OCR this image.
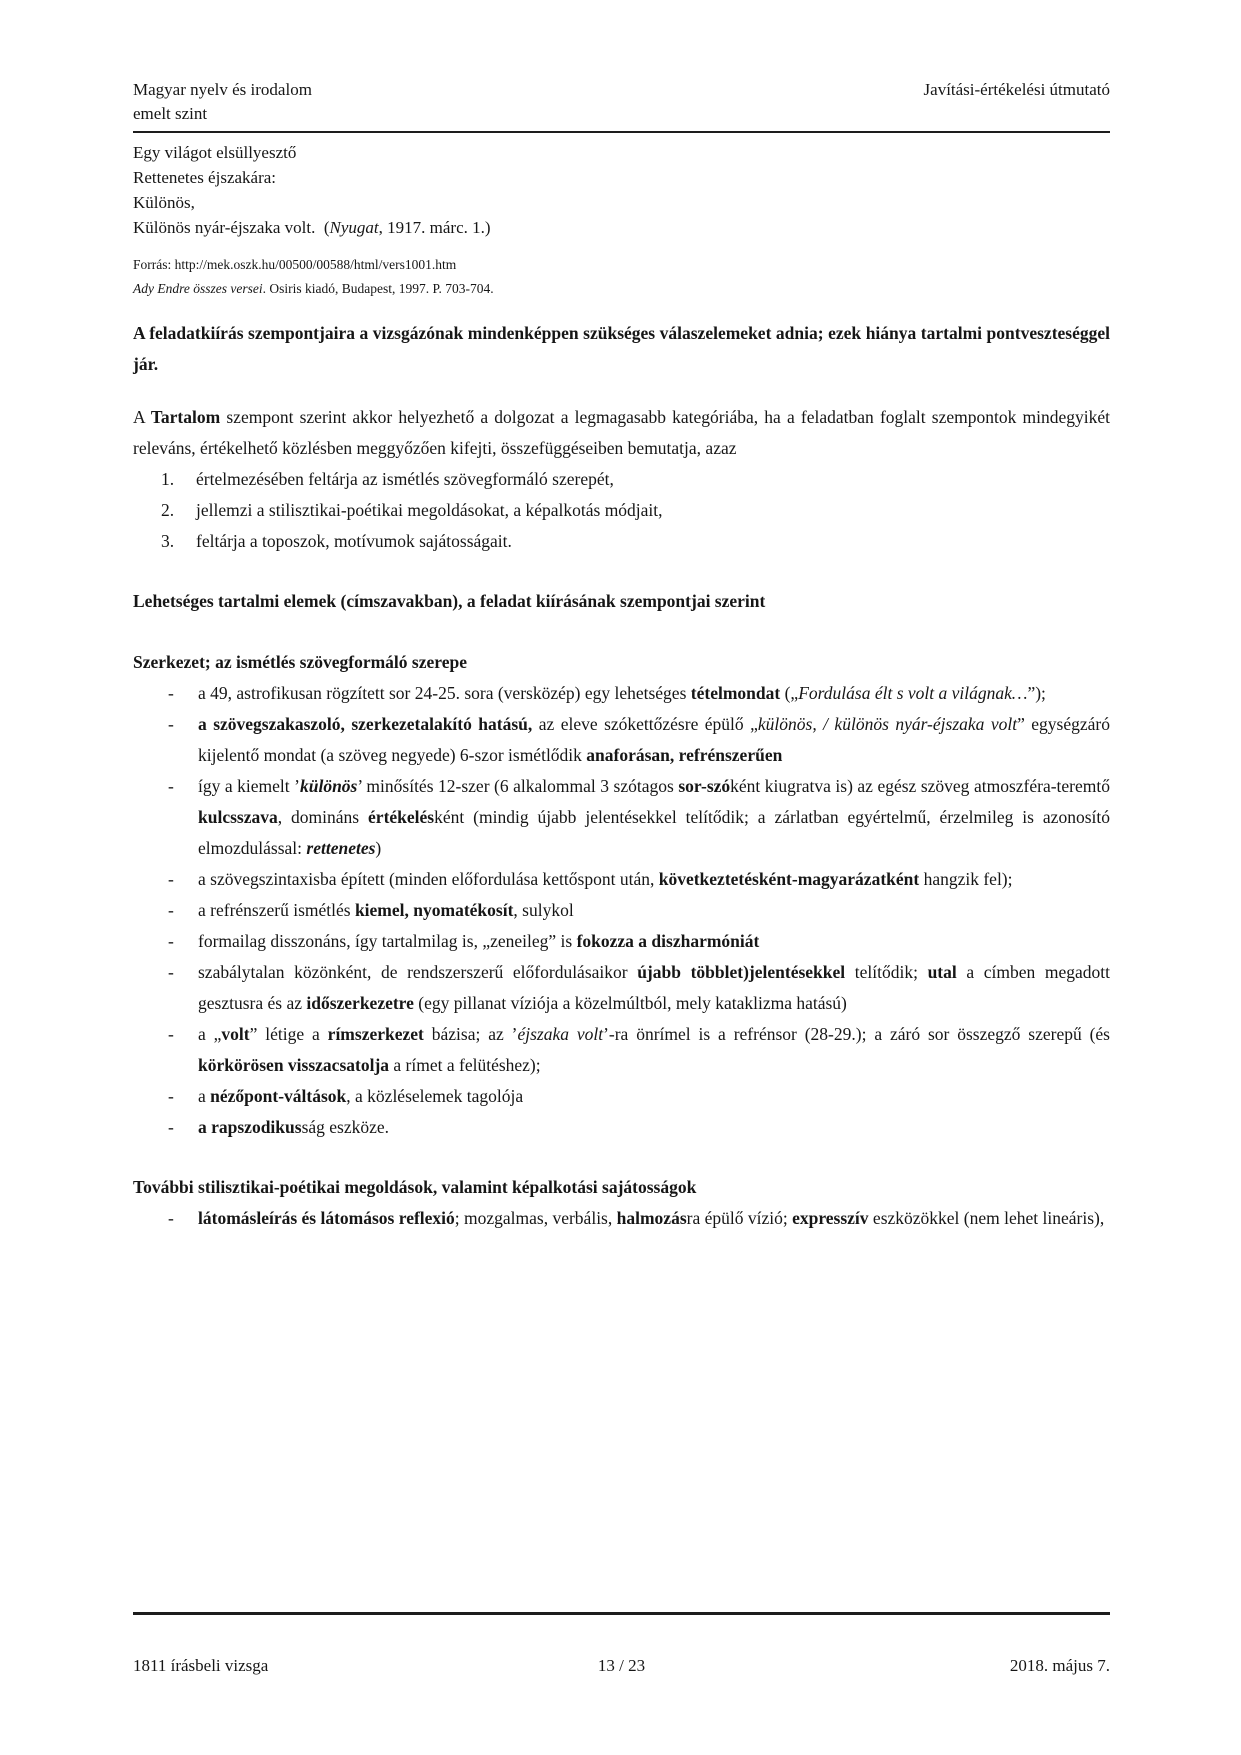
Magyar nyelv és irodalom
emelt szint
Javítási-értékelési útmutató
Egy világot elsüllyesztő
Rettenetes éjszakára:
Különös,
Különös nyár-éjszaka volt.  (Nyugat, 1917. márc. 1.)
Forrás: http://mek.oszk.hu/00500/00588/html/vers1001.htm
Ady Endre összes versei. Osiris kiadó, Budapest, 1997. P. 703-704.

A feladatkiírás szempontjaira a vizsgázónak mindenképpen szükséges válaszelemeket adnia; ezek hiánya tartalmi pontveszteséggel jár.

A Tartalom szempont szerint akkor helyezhető a dolgozat a legmagasabb kategóriába, ha a feladatban foglalt szempontok mindegyikét releváns, értékelhető közlésben meggyőzően kifejti, összefüggéseiben bemutatja, azaz

1.	értelmezésében feltárja az ismétlés szövegformáló szerepét,
2.	jellemzi a stilisztikai-poétikai megoldásokat, a képalkotás módjait,
3.	feltárja a toposzok, motívumok sajátosságait.
Lehetséges tartalmi elemek (címszavakban), a feladat kiírásának szempontjai szerint
Szerkezet; az ismétlés szövegformáló szerepe
-	a 49, astrofikusan rögzített sor 24-25. sora (versközép) egy lehetséges tételmondat („Fordulása élt s volt a világnak…”);
-	a szövegszakaszoló, szerkezetalakító hatású, az eleve szókettőzésre épülő „különös, / különös nyár-éjszaka volt” egységzáró kijelentő mondat (a szöveg negyede) 6-szor ismétlődik anaforásan, refrénszerűen
-	így a kiemelt ’különös’ minősítés 12-szer (6 alkalommal 3 szótagos sor-szóként kiugratva is) az egész szöveg atmoszféra-teremtő kulcsszava, domináns értékelésként (mindig újabb jelentésekkel telítődik; a zárlatban egyértelmű, érzelmileg is azonosító elmozdulással: rettenetes)
-	a szövegszintaxisba épített (minden előfordulása kettőspont után, következtetésként-magyarázatként hangzik fel);
-	a refrénszerű ismétlés kiemel, nyomatékosít, sulykol
-	formailag disszonáns, így tartalmilag is, „zeneileg” is fokozza a diszharmóniát
-	szabálytalan közönként, de rendszerszerű előfordulásaikor újabb többlet)jelentésekkel telítődik; utal a címben megadott gesztusra és az időszerkezetre (egy pillanat víziója a közelmúltból, mely kataklizma hatású)
-	a „volt” létige a rímszerkezet bázisa; az ’éjszaka volt’-ra önrímel is a refrénsor (28-29.); a záró sor összegző szerepű (és körkörösen visszacsatolja a rímet a felütéshez);
-	a nézőpont-váltások, a közléselemek tagolója
-	a rapszodikusság eszköze.
További stilisztikai-poétikai megoldások, valamint képalkotási sajátosságok
-	látomásleírás és látomásos reflexió; mozgalmas, verbális, halmozásra épülő vízió; expresszív eszközökkel (nem lehet lineáris),
1811 írásbeli vizsga	13 / 23	2018. május 7.
